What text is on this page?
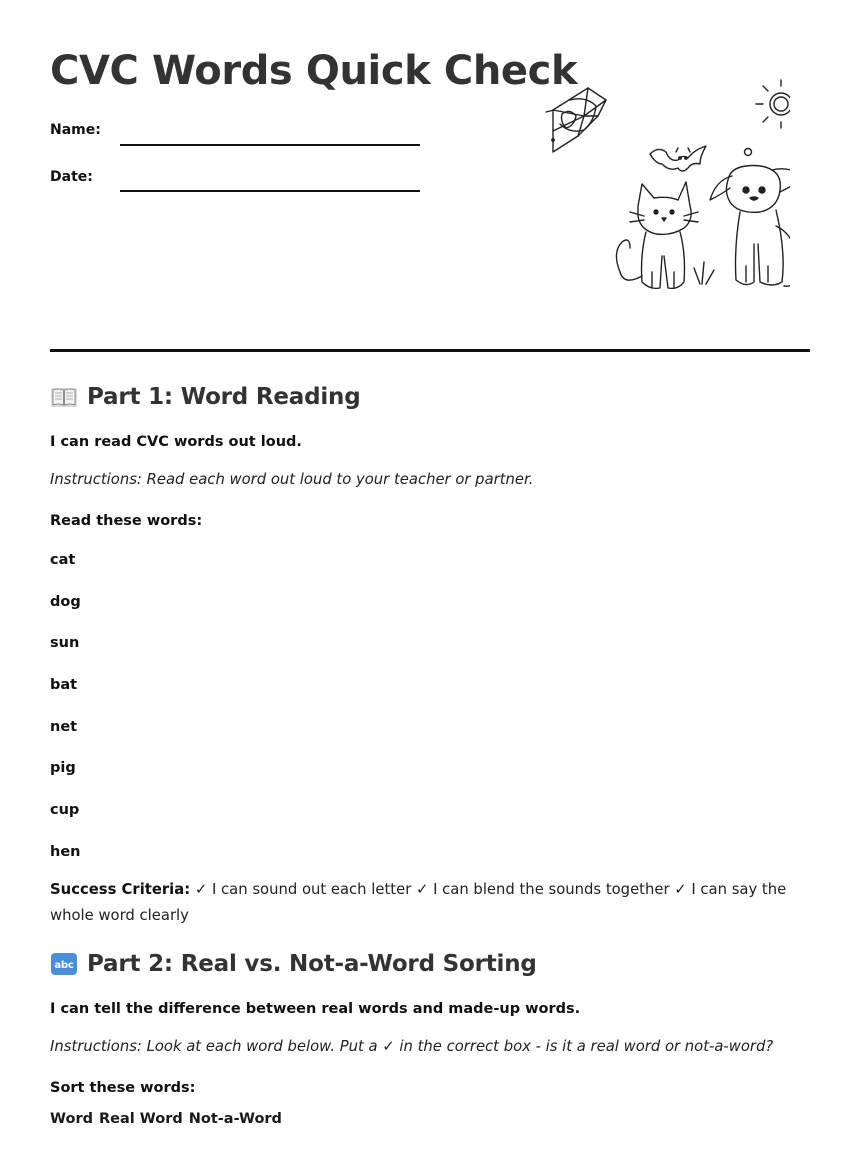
CVC Words Quick Check
Name:
Date:
Part 1: Word Reading

I can read CVC words out loud.

Instructions: Read each word out loud to your teacher or partner.

Read these words:

cat

dog

sun

bat

net

pig

cup

hen

Success Criteria: ✓ I can sound out each letter ✓ I can blend the sounds together ✓ I can say the whole word clearly

abc Part 2: Real vs. Not-a-Word Sorting

I can tell the difference between real words and made-up words.

Instructions: Look at each word below. Put a ✓ in the correct box - is it a real word or not-a-word?

Sort these words:

Word Real Word Not-a-Word
